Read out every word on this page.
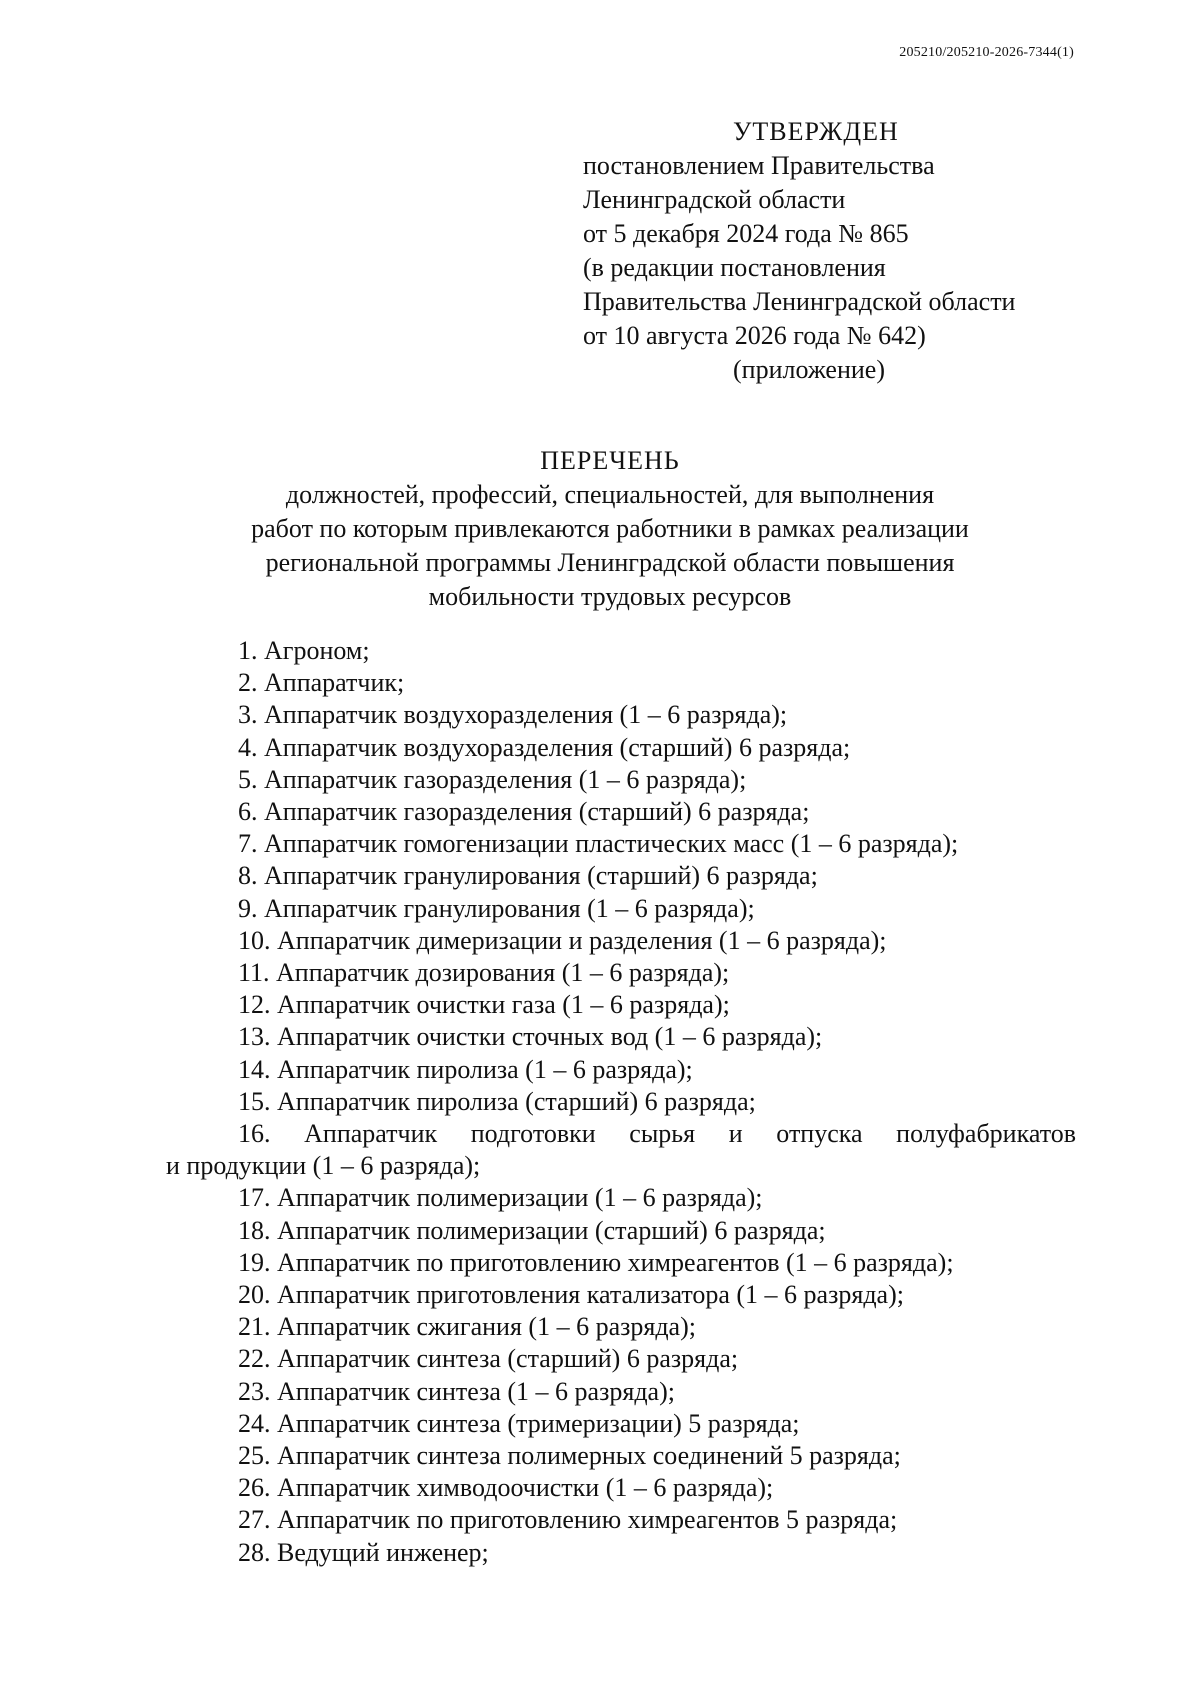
205210/205210-2026-7344(1)
УТВЕРЖДЕН
постановлением Правительства
Ленинградской области
от 5 декабря 2024 года № 865
(в редакции постановления
Правительства Ленинградской области
от 10 августа 2026 года № 642)
(приложение)
ПЕРЕЧЕНЬ
должностей, профессий, специальностей, для выполнения
работ по которым привлекаются работники в рамках реализации
региональной программы Ленинградской области повышения
мобильности трудовых ресурсов
1. Агроном;
2. Аппаратчик;
3. Аппаратчик воздухоразделения (1 – 6 разряда);
4. Аппаратчик воздухоразделения (старший) 6 разряда;
5. Аппаратчик газоразделения (1 – 6 разряда);
6. Аппаратчик газоразделения (старший) 6 разряда;
7. Аппаратчик гомогенизации пластических масс (1 – 6 разряда);
8. Аппаратчик гранулирования (старший) 6 разряда;
9. Аппаратчик гранулирования (1 – 6 разряда);
10. Аппаратчик димеризации и разделения (1 – 6 разряда);
11. Аппаратчик дозирования (1 – 6 разряда);
12. Аппаратчик очистки газа (1 – 6 разряда);
13. Аппаратчик очистки сточных вод (1 – 6 разряда);
14. Аппаратчик пиролиза (1 – 6 разряда);
15. Аппаратчик пиролиза (старший) 6 разряда;
16. Аппаратчик подготовки сырья и отпуска полуфабрикатов
и продукции (1 – 6 разряда);
17. Аппаратчик полимеризации (1 – 6 разряда);
18. Аппаратчик полимеризации (старший) 6 разряда;
19. Аппаратчик по приготовлению химреагентов (1 – 6 разряда);
20. Аппаратчик приготовления катализатора (1 – 6 разряда);
21. Аппаратчик сжигания (1 – 6 разряда);
22. Аппаратчик синтеза (старший) 6 разряда;
23. Аппаратчик синтеза (1 – 6 разряда);
24. Аппаратчик синтеза (тримеризации) 5 разряда;
25. Аппаратчик синтеза полимерных соединений 5 разряда;
26. Аппаратчик химводоочистки (1 – 6 разряда);
27. Аппаратчик по приготовлению химреагентов 5 разряда;
28. Ведущий инженер;
